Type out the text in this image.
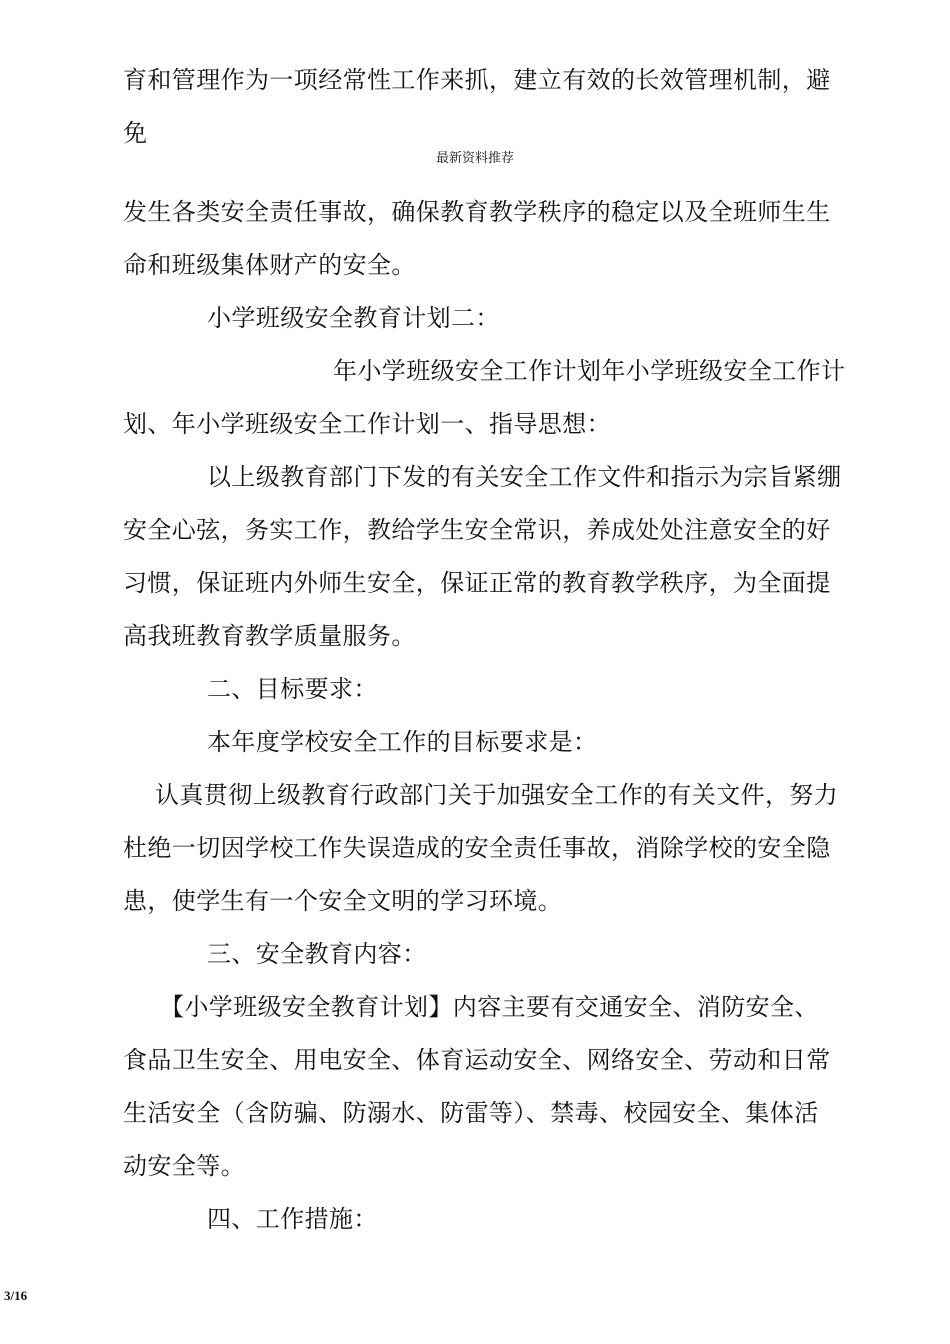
育和管理作为一项经常性工作来抓，建立有效的长效管理机制，避
免
最新资料推荐
发生各类安全责任事故，确保教育教学秩序的稳定以及全班师生生
命和班级集体财产的安全。
小学班级安全教育计划二：
年小学班级安全工作计划年小学班级安全工作计
划、年小学班级安全工作计划一、指导思想：
以上级教育部门下发的有关安全工作文件和指示为宗旨紧绷
安全心弦，务实工作，教给学生安全常识，养成处处注意安全的好
习惯，保证班内外师生安全，保证正常的教育教学秩序，为全面提
高我班教育教学质量服务。
二、目标要求：
本年度学校安全工作的目标要求是：
认真贯彻上级教育行政部门关于加强安全工作的有关文件，努力
杜绝一切因学校工作失误造成的安全责任事故，消除学校的安全隐
患，使学生有一个安全文明的学习环境。
三、安全教育内容：
【小学班级安全教育计划】内容主要有交通安全、消防安全、
食品卫生安全、用电安全、体育运动安全、网络安全、劳动和日常
生活安全（含防骗、防溺水、防雷等）、禁毒、校园安全、集体活
动安全等。
四、工作措施：
3/16
